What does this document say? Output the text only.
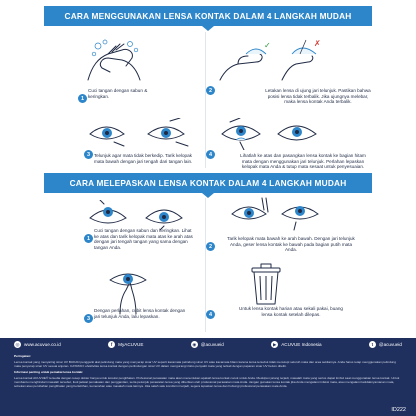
CARA MENGGUNAKAN LENSA KONTAK DALAM 4 LANGKAH MUDAH
1
Cuci tangan dengan sabun & keringkan.
✓	✗
2	Letakan lensa di ujung jari telunjuk. Pastikan bahwa posisi lensa tidak terbalik. Jika ujungnya melebar, maka lensa kontak Anda terbalik.
3 Telunjuk agar mata tidak berkedip. Tarik kelopak mata bawah dengan jari tengah dari tangan lain.
4	Lihatlah ke atas dan pasangkan lensa kontak ke bagian hitam mata dengan menggunakan jari telunjuk. Perlahan lepaskan kelopak mata Anda & tutup mata sesaat untuk penyesuaian.
CARA MELEPASKAN LENSA KONTAK DALAM 4 LANGKAH MUDAH
1
Cuci tangan dengan sabun dan keringkan. Lihat ke atas dan tarik kelopak mata atas ke arah atas dengan jari tengah tangan yang sama dengan tangan Anda.	2
Tarik kelopak mata bawah ke arah bawah. Dengan jari telunjuk Anda, geser lensa kontak ke bawah pada bagian putih mata Anda.
3
Dengan perlahan, cubit lensa kontak dengan jari telunjuk Anda, lalu lepaskan.	4
Untuk lensa kontak harian atau sekali pakai, buang lensa kontak setelah dilepas.
◎ www.acuvue.co.id	f	MyACUVUE	◉ @acuvueid	▶	ACUVUE Indonesia	t	@acuvueid

Peringatan:

Lensa kontak yang menyaring sinar UV BUKAN pengganti alat pelindung mata yang menyerap sinar UV seperti kacamata pelindung sinar UV atau kacamata hitam karena lensa tersebut tidak menutupi seluruh mata dan area sekitarnya. Anda harus tetap menggunakan pelindung mata penyerap sinar UV sesuai anjuran. CATATAN: efektivitas lensa kontak dengan perlindungan sinar UV dalam mengurangi risiko penyakit mata yang terkait dengan paparan sinar UV belum diteliti.

Informasi penting untuk pemakai lensa kontak:

Lensa kontak ACUVUE® tersedia dengan resep dokter hanya untuk koreksi penglihatan. Profesional perawatan mata akan menentukan apakah lensa kontak cocok untuk Anda. Meskipun jarang terjadi, masalah mata yang serius dapat timbul saat menggunakan lensa kontak. Untuk membantu menghindari masalah tersebut, ikuti jadwal pemakaian dan penggantian, serta petunjuk perawatan lensa yang diberikan oleh profesional perawatan mata Anda. Jangan gunakan lensa kontak jika Anda mengalami infeksi mata, atau mengalami ketidaknyamanan mata, sobekan atau perubahan penglihatan yang berlebihan, kemerahan atau masalah mata lainnya. Jika salah satu kondisi ini terjadi, segera lepaskan lensa dan hubungi profesional perawatan mata Anda.

ID222
